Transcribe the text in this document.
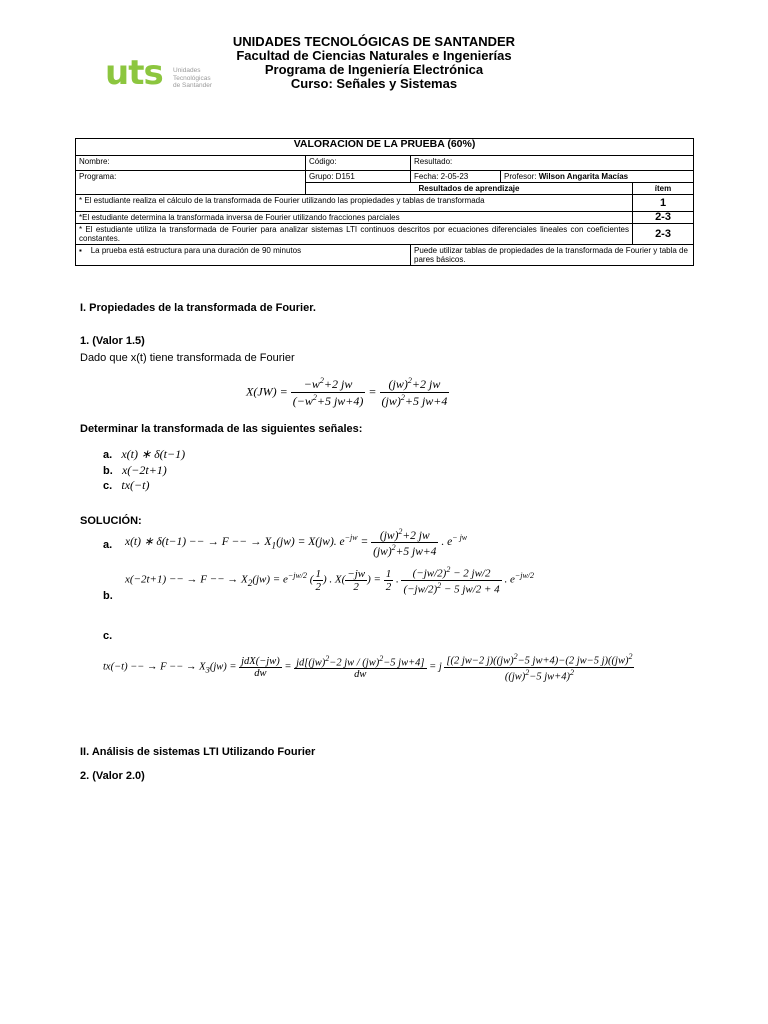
uts Unidades Tecnológicas de Santander
UNIDADES TECNOLÓGICAS DE SANTANDER
Facultad de Ciencias Naturales e Ingenierías
Programa de Ingeniería Electrónica
Curso: Señales y Sistemas
VALORACION DE LA PRUEBA (60%)				
Nombre:	Código:	Resultado:		
Programa:	Grupo: D151	Fecha: 2-05-23	Profesor: Wilson Angarita Macías	
	Resultados de aprendizaje			ítem
* El estudiante realiza el cálculo de la transformada de Fourier utilizando las propiedades y tablas de transformada				1
*El estudiante determina la transformada inversa de Fourier utilizando fracciones parciales				2-3
* El estudiante utiliza la transformada de Fourier para analizar sistemas LTI continuos descritos por ecuaciones diferenciales lineales con coeficientes constantes.				2-3
▪ La prueba está estructura para una duración de 90 minutos		Puede utilizar tablas de propiedades de la transformada de Fourier y tabla de pares básicos.		
I. Propiedades de la transformada de Fourier.
1. (Valor 1.5)
Dado que x(t) tiene transformada de Fourier
$X(JW) = \frac{-w^2+2 jw}{(-w^2+5 jw+4)} = \frac{(jw)^2+2 jw}{(jw)^2+5 jw+4}$
Determinar la transformada de las siguientes señales:
a. x(t) ∗ δ(t−1)
b. x(−2t+1)
c. tx(−t)
SOLUCIÓN:
a. x(t) ∗ δ(t−1) −− → F −− → $X_1(jw) = X(jw)$. $e^{-jw} = \frac{(jw)^2+2 jw}{(jw)^2+5 jw+4}$ . $e^{- jw}$
b.
x(−2t+1) −− → F −− → $X_2(jw) = e^{-jw/2}$ ( $\frac{1}{2}$ ) . $X( \frac{-jw}{2}$ ) = $\frac{1}{2}$ . $\frac{(-jw/2)^2 - 2 jw/2}{(-jw/2)^2 - 5 jw/2 + 4}$ . $e^{-jw/2}$
c.
tx(−t) −− → F −− → $X_3(jw) = \frac{\text{jdX(−jw)}}{dw} = \frac{jd[(jw)^2-2 jw / (jw)^2-5 jw+4]}{dw} = j \frac{[(2 jw-2 j)((jw)^2-5 jw+4)-(2 jw-5 j)((jw)^2}{((jw)^2-5 jw+4)^2}$
II. Análisis de sistemas LTI Utilizando Fourier
2. (Valor 2.0)
